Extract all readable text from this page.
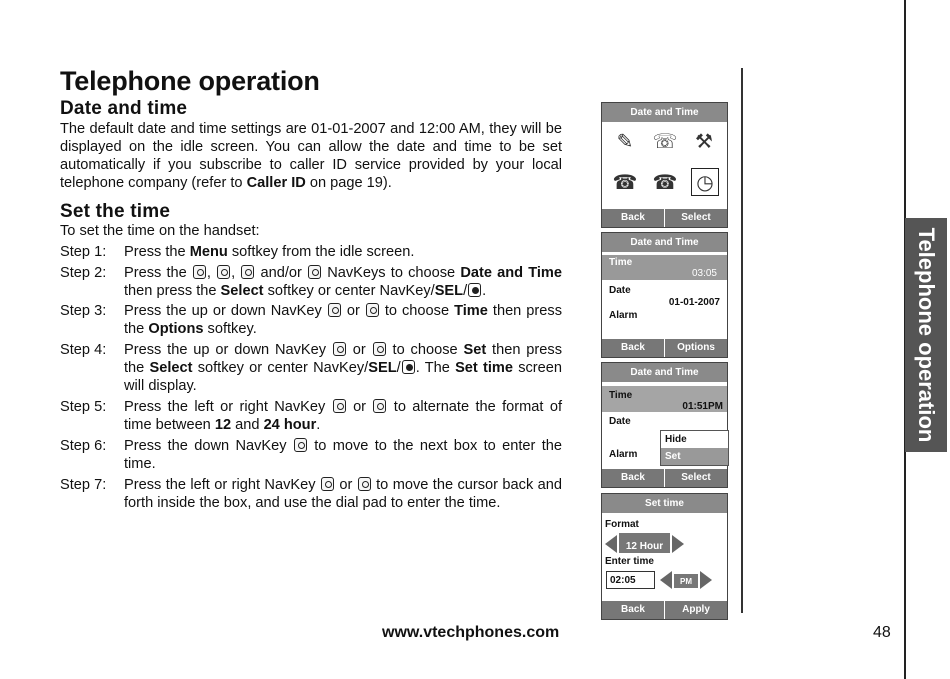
Telephone operation
Date and time

The default date and time settings are 01-01-2007 and 12:00 AM, they will be displayed on the idle screen. You can allow the date and time to be set automatically if you subscribe to caller ID service provided by your local telephone company (refer to Caller ID on page 19).

Set the time

To set the time on the handset:

Step 1:	Press the Menu softkey from the idle screen.
Step 2:	Press the , ,  and/or  NavKeys to choose Date and Time then press the Select softkey or center NavKey/SEL/ .
Step 3:	Press the up or down NavKey  or  to choose Time then press the Options softkey.
Step 4:	Press the up or down NavKey  or  to choose Set then press the Select softkey or center NavKey/SEL/ . The Set time screen will display.
Step 5:	Press the left or right NavKey  or  to alternate the format of time between 12 and 24 hour.
Step 6:	Press the down NavKey  to move to the next box to enter the time.
Step 7:	Press the left or right NavKey  or  to move the cursor back and forth inside the box, and use the dial pad to enter the time.
Telephone operation
Date and Time
✎ ☏ ⚒
☎ ☎ ◷
Back	Select
Date and Time
Time
03:05
Date
01-01-2007
Alarm
Back	Options
Date and Time
Time
01:51PM
Date
Alarm
Hide
Set
Back	Select
Set time
Format
12 Hour
Enter time
02:05	PM
Back	Apply
www.vtechphones.com	48
